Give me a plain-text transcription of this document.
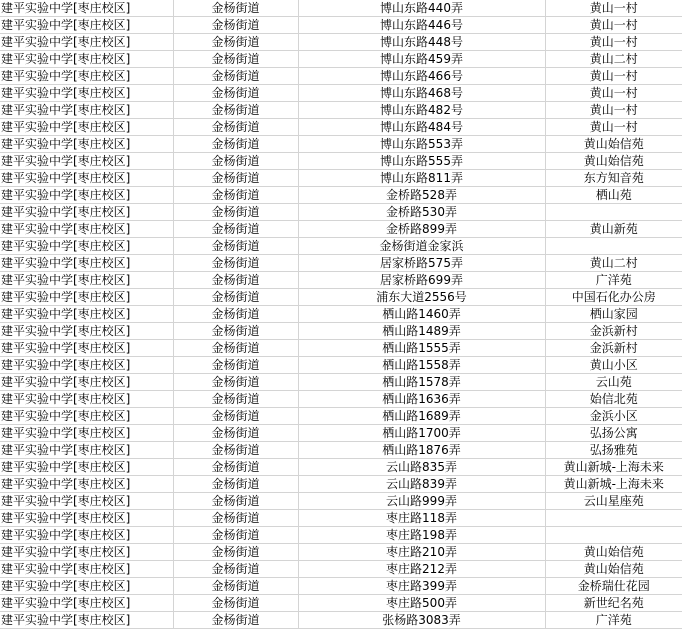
建平实验中学[枣庄校区]	金杨街道	博山东路440弄	黄山一村
建平实验中学[枣庄校区]	金杨街道	博山东路446号	黄山一村
建平实验中学[枣庄校区]	金杨街道	博山东路448号	黄山一村
建平实验中学[枣庄校区]	金杨街道	博山东路459弄	黄山二村
建平实验中学[枣庄校区]	金杨街道	博山东路466号	黄山一村
建平实验中学[枣庄校区]	金杨街道	博山东路468号	黄山一村
建平实验中学[枣庄校区]	金杨街道	博山东路482号	黄山一村
建平实验中学[枣庄校区]	金杨街道	博山东路484号	黄山一村
建平实验中学[枣庄校区]	金杨街道	博山东路553弄	黄山始信苑
建平实验中学[枣庄校区]	金杨街道	博山东路555弄	黄山始信苑
建平实验中学[枣庄校区]	金杨街道	博山东路811弄	东方知音苑
建平实验中学[枣庄校区]	金杨街道	金桥路528弄	栖山苑
建平实验中学[枣庄校区]	金杨街道	金桥路530弄	
建平实验中学[枣庄校区]	金杨街道	金桥路899弄	黄山新苑
建平实验中学[枣庄校区]	金杨街道	金杨街道金家浜	
建平实验中学[枣庄校区]	金杨街道	居家桥路575弄	黄山二村
建平实验中学[枣庄校区]	金杨街道	居家桥路699弄	广洋苑
建平实验中学[枣庄校区]	金杨街道	浦东大道2556号	中国石化办公房
建平实验中学[枣庄校区]	金杨街道	栖山路1460弄	栖山家园
建平实验中学[枣庄校区]	金杨街道	栖山路1489弄	金浜新村
建平实验中学[枣庄校区]	金杨街道	栖山路1555弄	金浜新村
建平实验中学[枣庄校区]	金杨街道	栖山路1558弄	黄山小区
建平实验中学[枣庄校区]	金杨街道	栖山路1578弄	云山苑
建平实验中学[枣庄校区]	金杨街道	栖山路1636弄	始信北苑
建平实验中学[枣庄校区]	金杨街道	栖山路1689弄	金浜小区
建平实验中学[枣庄校区]	金杨街道	栖山路1700弄	弘扬公寓
建平实验中学[枣庄校区]	金杨街道	栖山路1876弄	弘扬雅苑
建平实验中学[枣庄校区]	金杨街道	云山路835弄	黄山新城-上海未来
建平实验中学[枣庄校区]	金杨街道	云山路839弄	黄山新城-上海未来
建平实验中学[枣庄校区]	金杨街道	云山路999弄	云山星座苑
建平实验中学[枣庄校区]	金杨街道	枣庄路118弄	
建平实验中学[枣庄校区]	金杨街道	枣庄路198弄	
建平实验中学[枣庄校区]	金杨街道	枣庄路210弄	黄山始信苑
建平实验中学[枣庄校区]	金杨街道	枣庄路212弄	黄山始信苑
建平实验中学[枣庄校区]	金杨街道	枣庄路399弄	金桥瑞仕花园
建平实验中学[枣庄校区]	金杨街道	枣庄路500弄	新世纪名苑
建平实验中学[枣庄校区]	金杨街道	张杨路3083弄	广洋苑
